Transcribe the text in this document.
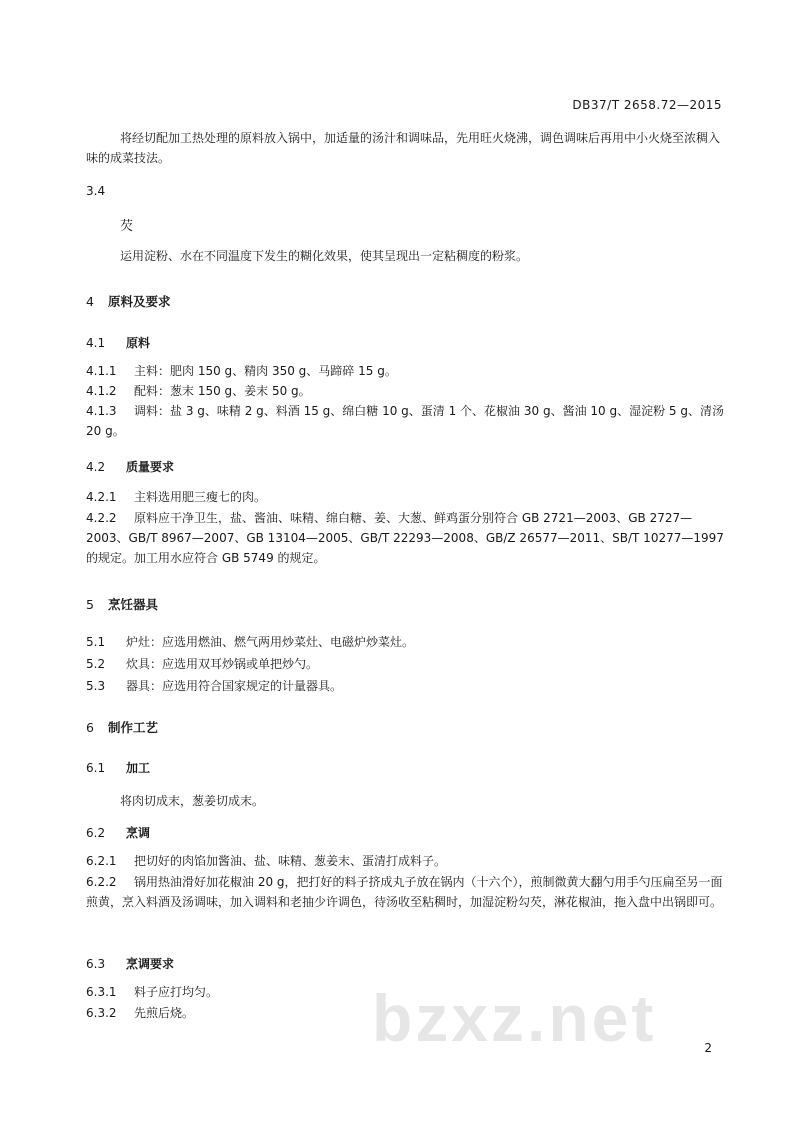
DB37/T 2658.72—2015
将经切配加工热处理的原料放入锅中，加适量的汤汁和调味品，先用旺火烧沸，调色调味后再用中小火烧至浓稠入味的成菜技法。
3.4
芡
运用淀粉、水在不同温度下发生的糊化效果，使其呈现出一定粘稠度的粉浆。
4 原料及要求
4.1 原料
4.1.1 主料：肥肉 150 g、精肉 350 g、马蹄碎 15 g。
4.1.2 配料：葱末 150 g、姜末 50 g。
4.1.3 调料：盐 3 g、味精 2 g、料酒 15 g、绵白糖 10 g、蛋清 1 个、花椒油 30 g、酱油 10 g、湿淀粉 5 g、清汤 20 g。
4.2 质量要求
4.2.1 主料选用肥三瘦七的肉。
4.2.2 原料应干净卫生，盐、酱油、味精、绵白糖、姜、大葱、鲜鸡蛋分别符合 GB 2721—2003、GB 2727—2003、GB/T 8967—2007、GB 13104—2005、GB/T 22293—2008、GB/Z 26577—2011、SB/T 10277—1997 的规定。加工用水应符合 GB 5749 的规定。
5 烹饪器具
5.1 炉灶：应选用燃油、燃气两用炒菜灶、电磁炉炒菜灶。
5.2 炊具：应选用双耳炒锅或单把炒勺。
5.3 器具：应选用符合国家规定的计量器具。
6 制作工艺
6.1 加工
将肉切成末，葱姜切成末。
6.2 烹调
6.2.1 把切好的肉馅加酱油、盐、味精、葱姜末、蛋清打成料子。
6.2.2 锅用热油滑好加花椒油 20 g，把打好的料子挤成丸子放在锅内（十六个），煎制微黄大翻勺用手勺压扁至另一面煎黄，烹入料酒及汤调味，加入调料和老抽少许调色，待汤收至粘稠时，加湿淀粉勾芡，淋花椒油，拖入盘中出锅即可。
6.3 烹调要求
6.3.1 料子应打均匀。
6.3.2 先煎后烧。	bzxz.net	2
